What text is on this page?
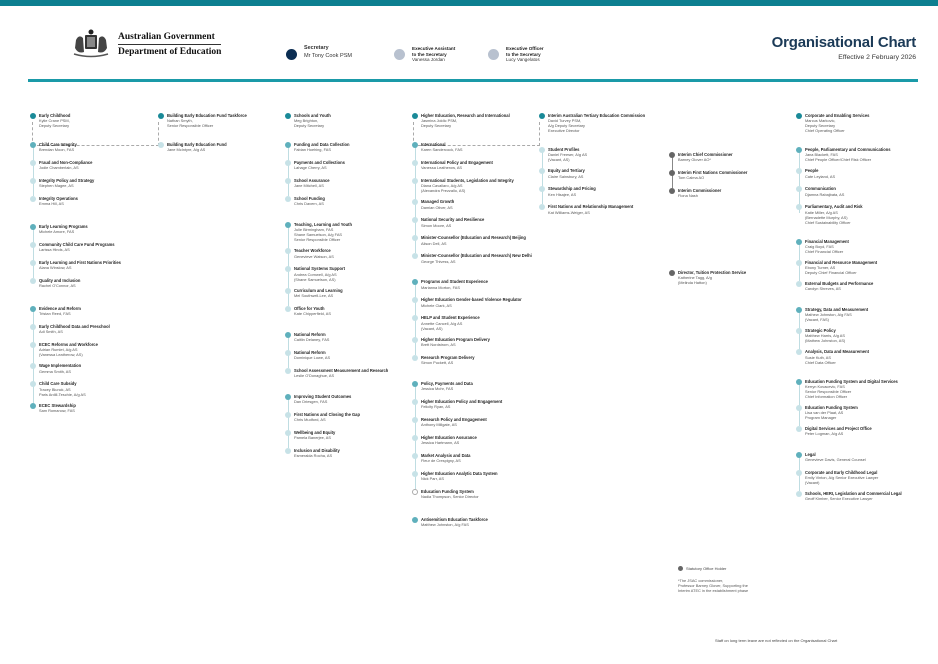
Australian Government
Department of Education	Secretary
Mr Tony Cook PSM
Executive Assistant
to the Secretary
Vanessa Jordan
Executive Officer
to the Secretary
Lucy Vangelatos
Organisational Chart
Effective 2 February 2026
Early Childhood
Kylie Crane PSM,
Deputy Secretary
Child Care Integrity
Brendan Moon, FAS
Fraud and Non-Compliance
Jodie Chamberlain, AS
Integrity Policy and Strategy
Stephen Magee, AS
Integrity Operations
Emma Hill, AS
Early Learning Programs
Michele Amore, FAS
Community Child Care Fund Programs
Larissa Hinds, AS
Early Learning and First Nations Priorities
Alana Winslow, AS
Quality and Inclusion
Rachel O'Connor, AS
Evidence and Reform
Tristan Reed, FAS
Early Childhood Data and Preschool
Adi Smith, AS
ECEC Reforms and Workforce
Adrian Rumlet, A/g AS
(Vanessa Leatherow, AS)
Wage Implementation
Gemma Smith, AS
Child Care Subsidy
Tracey Blunck, AS
Paris Ardill-Teschie, A/g AS
ECEC Stewardship
Sam Romanow, FAS
Building Early Education Fund Taskforce
Nathan Smyth,
Senior Responsible Officer
Building Early Education Fund
Jane McIntyre, A/g AS
Schools and Youth
Meg Brighton,
Deputy Secretary
Funding and Data Collection
Fabian Hoehing, FAS
Payments and Collections
Lahage Cherry, AS
School Assurance
Jane Mitchell, AS
School Funding
Chris Davern, AS
Teaching, Learning and Youth
Julie Birmingham, FAS
Shane Samuelson, A/g FAS
Senior Responsible Officer
Teacher Workforce
Genevieve Watson, AS
National Systems Support
Andrea Cornwell, A/g AS
(Shane Samuelson, AS)
Curriculum and Learning
Mel Southwell-Lee, AS
Office for Youth
Kate Chipperfield, AS
National Reform
Caitlin Delaney, FAS
National Reform
Dominique Lowe, AS
School Assessment Measurement and Research
Leslie O'Donaghue, AS
Improving Student Outcomes
Dan Driesgen, FAS
First Nations and Closing the Gap
Chris Mudford, AS
Wellbeing and Equity
Pamela Banerjee, AS
Inclusion and Disability
Esmeralda Rocha, AS
Higher Education, Research and International
Jasmina Joldic PSM,
Deputy Secretary
International
Karen Sandercock, FAS
International Policy and Engagement
Vanessa Leatherow, AS
International Students, Legislation and Integrity
Diana Cavallaro, A/g AS
(Alexandra Prezzallo, AS)
Managed Growth
Damian Oliver, AS
National Security and Resilience
Simon Moore, AS
Minister-Counsellor (Education and Research) Beijing
Alison Dell, AS
Minister-Counsellor (Education and Research) New Delhi
George Thivess, AS
Programs and Student Experience
Marianna Morton, FAS
Higher Education Gender-based Violence Regulator
Michele Clark, AS
HELP and Student Experience
Annette Cancell, A/g AS
(Vacant, AS)
Higher Education Program Delivery
Brett Nordstrom, AS
Research Program Delivery
Simon Puckett, AS
Policy, Payments and Data
Jessica Mohr, FAS
Higher Education Policy and Engagement
Felicity Ryan, AS
Research Policy and Engagement
Anthony Millgate, AS
Higher Education Assurance
Jessica Hartmann, AS
Market Analysis and Data
Fleur de Crespigny, AS
Higher Education Analytic Data System
Nick Parr, AS
Education Funding System
Nadia Thompson, Senior Director
Antisemitism Education Taskforce
Matthew Johnston, A/g FAS
Interim Australian Tertiary Education Commission
David Turvey PSM,
A/g Deputy Secretary
Executive Director
Student Profiles
Daniel Freeser, A/g AS
(Vacant, AS)
Equity and Tertiary
Claire Sainsbury, AS
Stewardship and Pricing
Ken Hisajee, AS
First Nations and Relationship Management
Kat Williams-Weiger, AS
Interim Chief Commissioner
Barney Glover AO*
Interim First Nations Commissioner
Tom Calma AO
Interim Commissioner
Fiona Nash
Director, Tuition Protection Service
Katherine Tagg, A/g
(Melinda Hatton)
Corporate and Enabling Services
Marcus Markovic,
Deputy Secretary
Chief Operating Officer
People, Parliamentary and Communications
Jana Blackett, FAS
Chief People Officer/Chief Risk Officer
People
Cate Leyland, AS
Communication
Djamna Rabajbata, AS
Parliamentary, Audit and Risk
Katie Miller, A/g AS
(Bernadette Murphy, AS)
Chief Sustainability Officer
Financial Management
Craig Boyd, FAS
Chief Financial Officer
Financial and Resource Management
Ebony Turner, AS
Deputy Chief Financial Officer
External Budgets and Performance
Carolyn Shreves, AS
Strategy, Data and Measurement
Mathew Johnston, A/g FAS
(Vacant, FAS)
Strategic Policy
Matthew Harris, A/g AS
(Mathew Johnston, AS)
Analysis, Data and Measurement
Susie Kuth, AS
Chief Data Officer
Education Funding System and Digital Services
Kerryn Kovacevic, FAS
Senior Responsible Officer
Chief Information Officer
Education Funding System
Lisa van der Plaat, AS
Program Manager
Digital Services and Project Office
Peter Logman, A/g AS
Legal
Genevieve Davis, General Counsel
Corporate and Early Childhood Legal
Emily Vinton, A/g Senior Executive Lawyer
(Vacant)
Schools, HERI, Legislation and Commercial Legal
Geoff Kimber, Senior Executive Lawyer
Statutory Office Holder
*The JSAC commissioner,
Professor Barney Glover, Supporting the
Interim ATEC in the establishment phase
Staff on long term leave are not reflected on the Organisational Chart
